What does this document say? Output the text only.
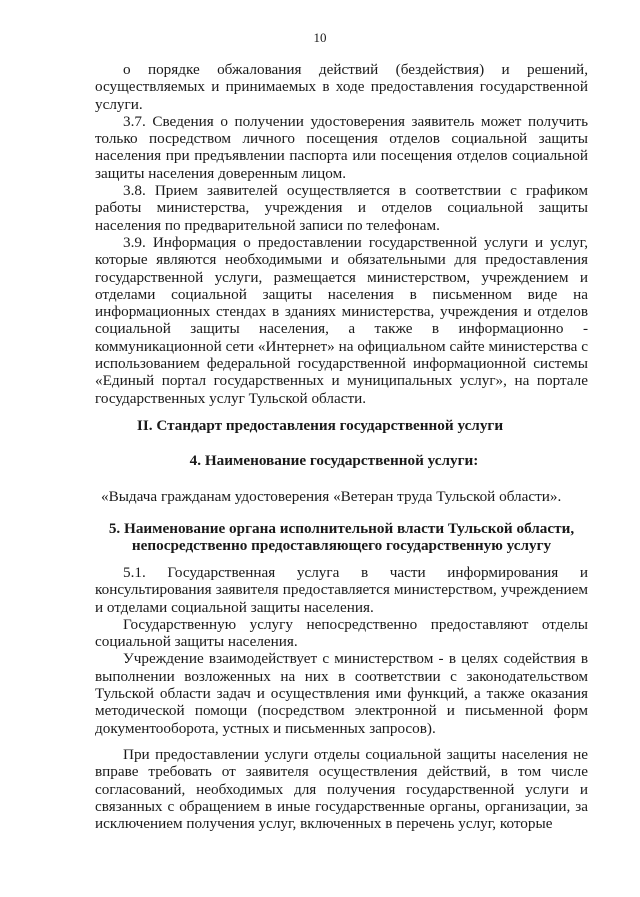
10

о порядке обжалования действий (бездействия) и решений, осуществляемых и принимаемых в ходе предоставления государственной услуги.

3.7. Сведения о получении удостоверения заявитель может получить только посредством личного посещения отделов социальной защиты населения при предъявлении паспорта или посещения отделов социальной защиты населения доверенным лицом.

3.8. Прием заявителей осуществляется в соответствии с графиком работы министерства, учреждения и отделов социальной защиты населения по предварительной записи по телефонам.

3.9. Информация о предоставлении государственной услуги и услуг, которые являются необходимыми и обязательными для предоставления государственной услуги, размещается министерством, учреждением и отделами социальной защиты населения в письменном виде на информационных стендах в зданиях министерства, учреждения и отделов социальной защиты населения, а также в информационно - коммуникационной сети «Интернет» на официальном сайте министерства с использованием федеральной государственной информационной системы «Единый портал государственных и муниципальных услуг», на портале государственных услуг Тульской области.

II. Стандарт предоставления государственной услуги
4. Наименование государственной услуги:
«Выдача гражданам удостоверения «Ветеран труда Тульской области».
5. Наименование органа исполнительной власти Тульской области, непосредственно предоставляющего государственную услугу

5.1. Государственная услуга в части информирования и консультирования заявителя предоставляется министерством, учреждением и отделами социальной защиты населения.

Государственную услугу непосредственно предоставляют отделы социальной защиты населения.

Учреждение взаимодействует с министерством - в целях содействия в выполнении возложенных на них в соответствии с законодательством Тульской области задач и осуществления ими функций, а также оказания методической помощи (посредством электронной и письменной форм документооборота, устных и письменных запросов).

При предоставлении услуги отделы социальной защиты населения не вправе требовать от заявителя осуществления действий, в том числе согласований, необходимых для получения государственной услуги и связанных с обращением в иные государственные органы, организации, за исключением получения услуг, включенных в перечень услуг, которые
